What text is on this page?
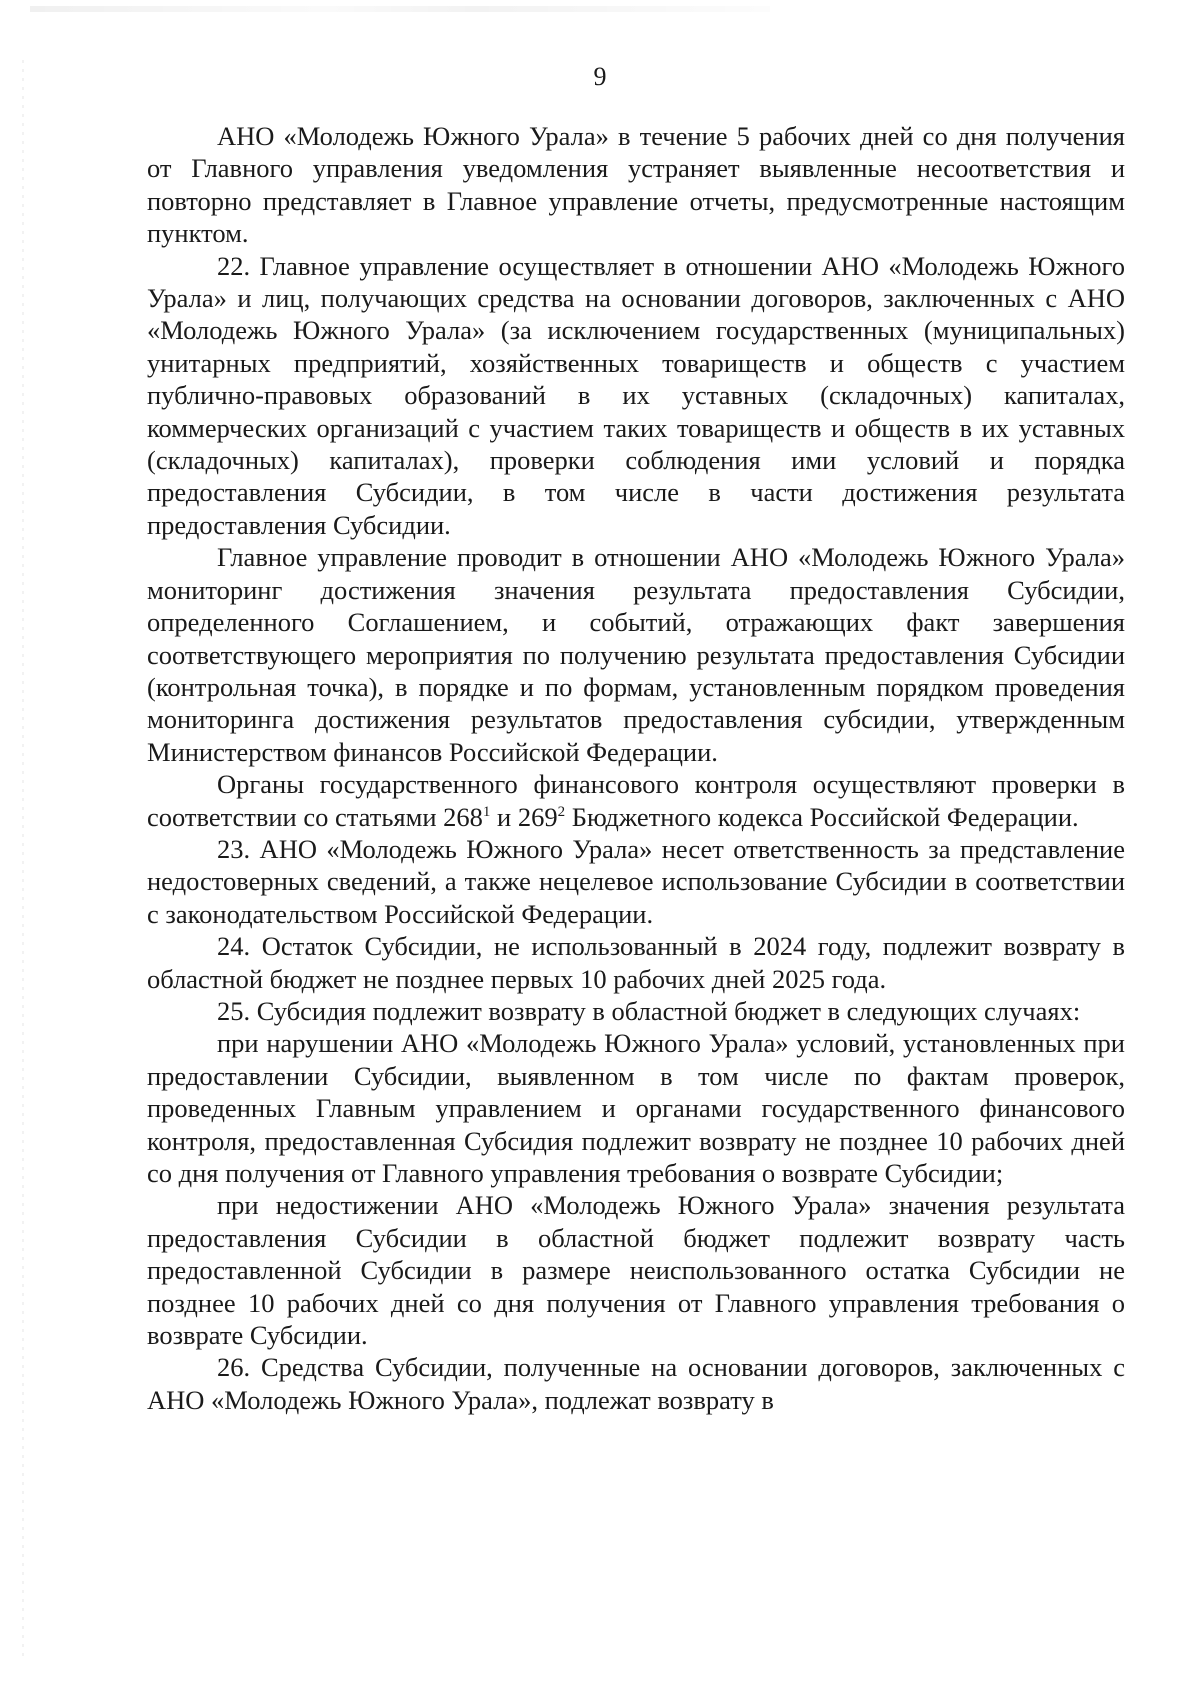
9

АНО «Молодежь Южного Урала» в течение 5 рабочих дней со дня получения от Главного управления уведомления устраняет выявленные несоответствия и повторно представляет в Главное управление отчеты, предусмотренные настоящим пунктом.

22. Главное управление осуществляет в отношении АНО «Молодежь Южного Урала» и лиц, получающих средства на основании договоров, заключенных с АНО «Молодежь Южного Урала» (за исключением государственных (муниципальных) унитарных предприятий, хозяйственных товариществ и обществ с участием публично-правовых образований в их уставных (складочных) капиталах, коммерческих организаций с участием таких товариществ и обществ в их уставных (складочных) капиталах), проверки соблюдения ими условий и порядка предоставления Субсидии, в том числе в части достижения результата предоставления Субсидии.

Главное управление проводит в отношении АНО «Молодежь Южного Урала» мониторинг достижения значения результата предоставления Субсидии, определенного Соглашением, и событий, отражающих факт завершения соответствующего мероприятия по получению результата предоставления Субсидии (контрольная точка), в порядке и по формам, установленным порядком проведения мониторинга достижения результатов предоставления субсидии, утвержденным Министерством финансов Российской Федерации.

Органы государственного финансового контроля осуществляют проверки в соответствии со статьями $268^1$ и $269^2$ Бюджетного кодекса Российской Федерации.

23. АНО «Молодежь Южного Урала» несет ответственность за представление недостоверных сведений, а также нецелевое использование Субсидии в соответствии с законодательством Российской Федерации.

24. Остаток Субсидии, не использованный в 2024 году, подлежит возврату в областной бюджет не позднее первых 10 рабочих дней 2025 года.

25. Субсидия подлежит возврату в областной бюджет в следующих случаях:

при нарушении АНО «Молодежь Южного Урала» условий, установленных при предоставлении Субсидии, выявленном в том числе по фактам проверок, проведенных Главным управлением и органами государственного финансового контроля, предоставленная Субсидия подлежит возврату не позднее 10 рабочих дней со дня получения от Главного управления требования о возврате Субсидии;

при недостижении АНО «Молодежь Южного Урала» значения результата предоставления Субсидии в областной бюджет подлежит возврату часть предоставленной Субсидии в размере неиспользованного остатка Субсидии не позднее 10 рабочих дней со дня получения от Главного управления требования о возврате Субсидии.

26. Средства Субсидии, полученные на основании договоров, заключенных с АНО «Молодежь Южного Урала», подлежат возврату в
